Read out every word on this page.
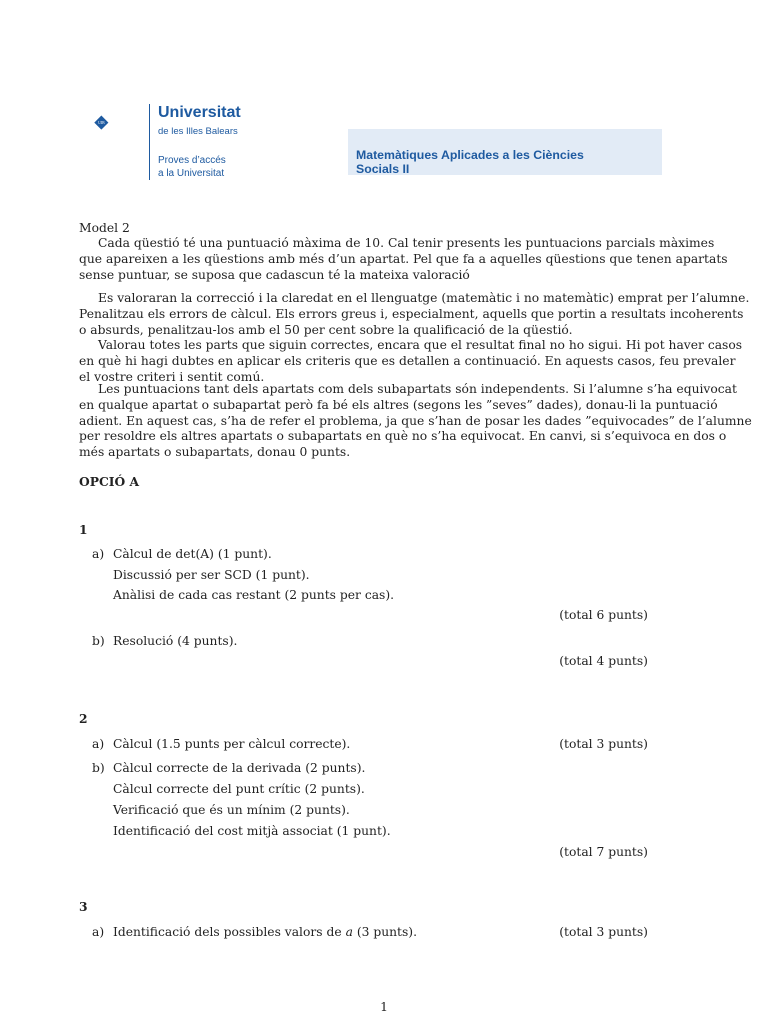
UIB
Universitat
de les Illes Balears
Proves d’accés
a la Universitat
Matemàtiques Aplicades a les Ciències
Socials II
Model 2
Cada qüestió té una puntuació màxima de 10. Cal tenir presents les puntuacions parcials màximes
que apareixen a les qüestions amb més d’un apartat. Pel que fa a aquelles qüestions que tenen apartats
sense puntuar, se suposa que cadascun té la mateixa valoració
Es valoraran la correcció i la claredat en el llenguatge (matemàtic i no matemàtic) emprat per l’alumne.
Penalitzau els errors de càlcul. Els errors greus i, especialment, aquells que portin a resultats incoherents
o absurds, penalitzau-los amb el 50 per cent sobre la qualificació de la qüestió.
Valorau totes les parts que siguin correctes, encara que el resultat final no ho sigui. Hi pot haver casos
en què hi hagi dubtes en aplicar els criteris que es detallen a continuació. En aquests casos, feu prevaler
el vostre criteri i sentit comú.
Les puntuacions tant dels apartats com dels subapartats són independents. Si l’alumne s’ha equivocat
en qualque apartat o subapartat però fa bé els altres (segons les ”seves” dades), donau-li la puntuació
adient. En aquest cas, s’ha de refer el problema, ja que s’han de posar les dades ”equivocades” de l’alumne
per resoldre els altres apartats o subapartats en què no s’ha equivocat. En canvi, si s’equivoca en dos o
més apartats o subapartats, donau 0 punts.
OPCIÓ A
1
a) Càlcul de det(A) (1 punt).
Discussió per ser SCD (1 punt).
Anàlisi de cada cas restant (2 punts per cas).
(total 6 punts)
b) Resolució (4 punts).
(total 4 punts)
2
a) Càlcul (1.5 punts per càlcul correcte).	(total 3 punts)
b) Càlcul correcte de la derivada (2 punts).
Càlcul correcte del punt crític (2 punts).
Verificació que és un mínim (2 punts).
Identificació del cost mitjà associat (1 punt).
(total 7 punts)
3
a) Identificació dels possibles valors de a (3 punts).	(total 3 punts)
1
